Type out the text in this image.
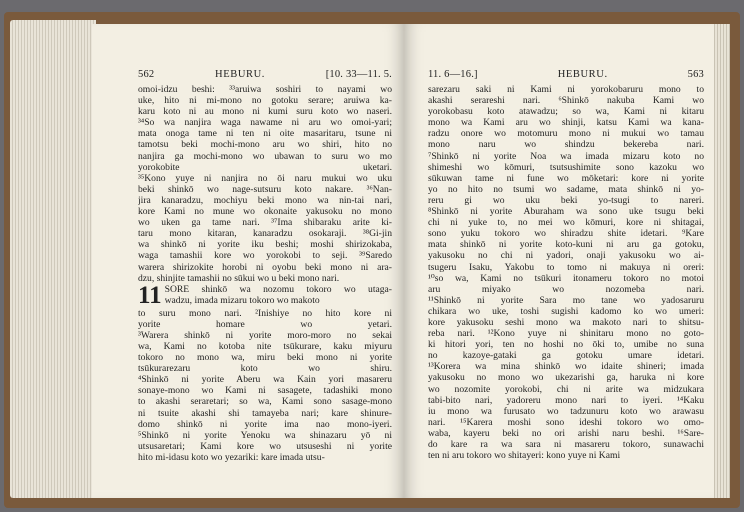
562	HEBURU.	[10. 33—11. 5.
omoi-idzu beshi: ³³aruiwa soshiri to nayami wo
uke, hito ni mi-mono no gotoku serare; aruiwa ka-
karu koto ni au mono ni kumi suru koto wo naseri.
³⁴So wa nanjira waga nawame ni aru wo omoi-yari;
mata onoga tame ni ten ni oite masaritaru, tsune ni
tamotsu beki mochi-mono aru wo shiri, hito no
nanjira ga mochi-mono wo ubawan to suru wo mo
yorokobite uketari.
³⁵Kono yuye ni nanjira no ōi naru mukui wo uku
beki shinkō wo nage-sutsuru koto nakare. ³⁶Nan-
jira kanaradzu, mochiyu beki mono wa nin-tai nari,
kore Kami no mune wo okonaite yakusoku no mono
wo uken ga tame nari. ³⁷Ima shibaraku arite ki-
taru mono kitaran, kanaradzu osokaraji. ³⁸Gi-jin
wa shinkō ni yorite iku beshi; moshi shirizokaba,
waga tamashii kore wo yorokobi to seji. ³⁹Saredo
warera shirizokite horobi ni oyobu beki mono ni ara-
dzu, shinjite tamashii no sūkui wo u beki mono nari.
11 SORE shinkō wa nozomu tokoro wo utaga-
wadzu, imada mizaru tokoro wo makoto
to suru mono nari. ²Inishiye no hito kore ni
yorite homare wo yetari.
³Warera shinkō ni yorite moro-moro no sekai
wa, Kami no kotoba nite tsūkurare, kaku miyuru
tokoro no mono wa, miru beki mono ni yorite
tsūkurarezaru koto wo shiru.
⁴Shinkō ni yorite Aberu wa Kain yori masareru
sonaye-mono wo Kami ni sasagete, tadashiki mono
to akashi seraretari; so wa, Kami sono sasage-mono
ni tsuite akashi shi tamayeba nari; kare shinure-
domo shinkō ni yorite ima nao mono-iyeri.
⁵Shinkō ni yorite Yenoku wa shinazaru yō ni
utsusaretari; Kami kore wo utsuseshi ni yorite
hito mi-idasu koto wo yezariki: kare imada utsu-
11. 6—16.]	HEBURU.	563
sarezaru saki ni Kami ni yorokobaruru mono to
akashi serareshi nari. ⁶Shinkō nakuba Kami wo
yorokobasu koto atawadzu; so wa, Kami ni kitaru
mono wa Kami aru wo shinji, katsu Kami wa kana-
radzu onore wo motomuru mono ni mukui wo tamau
mono naru wo shindzu bekereba nari.
⁷Shinkō ni yorite Noa wa imada mizaru koto no
shimeshi wo kōmuri, tsutsushimite sono kazoku wo
sūkuwan tame ni fune wo mōketari: kore ni yorite
yo no hito no tsumi wo sadame, mata shinkō ni yo-
reru gi wo uku beki yo-tsugi to nareri.
⁸Shinkō ni yorite Aburaham wa sono uke tsugu beki
chi ni yuke to, no mei wo kōmuri, kore ni shitagai,
sono yuku tokoro wo shiradzu shite idetari. ⁹Kare
mata shinkō ni yorite koto-kuni ni aru ga gotoku,
yakusoku no chi ni yadori, onaji yakusoku wo ai-
tsugeru Isaku, Yakobu to tomo ni makuya ni oreri:
¹⁰so wa, Kami no tsūkuri itonameru tokoro no motoi
aru miyako wo nozomeba nari.
¹¹Shinkō ni yorite Sara mo tane wo yadosaruru
chikara wo uke, toshi sugishi kadomo ko wo umeri:
kore yakusoku seshi mono wa makoto nari to shitsu-
reba nari. ¹²Kono yuye ni shinitaru mono no goto-
ki hitori yori, ten no hoshi no ōki to, umibe no suna
no kazoye-gataki ga gotoku umare idetari.
¹³Korera wa mina shinkō wo idaite shineri; imada
yakusoku no mono wo ukezarishi ga, haruka ni kore
wo nozomite yorokobi, chi ni arite wa midzukara
tabi-bito nari, yadoreru mono nari to iyeri. ¹⁴Kaku
iu mono wa furusato wo tadzunuru koto wo arawasu
nari. ¹⁵Karera moshi sono ideshi tokoro wo omo-
waba, kayeru beki no ori arishi naru beshi. ¹⁶Sare-
do kare ra wa sara ni masareru tokoro, sunawachi
ten ni aru tokoro wo shitayeri: kono yuye ni Kami
